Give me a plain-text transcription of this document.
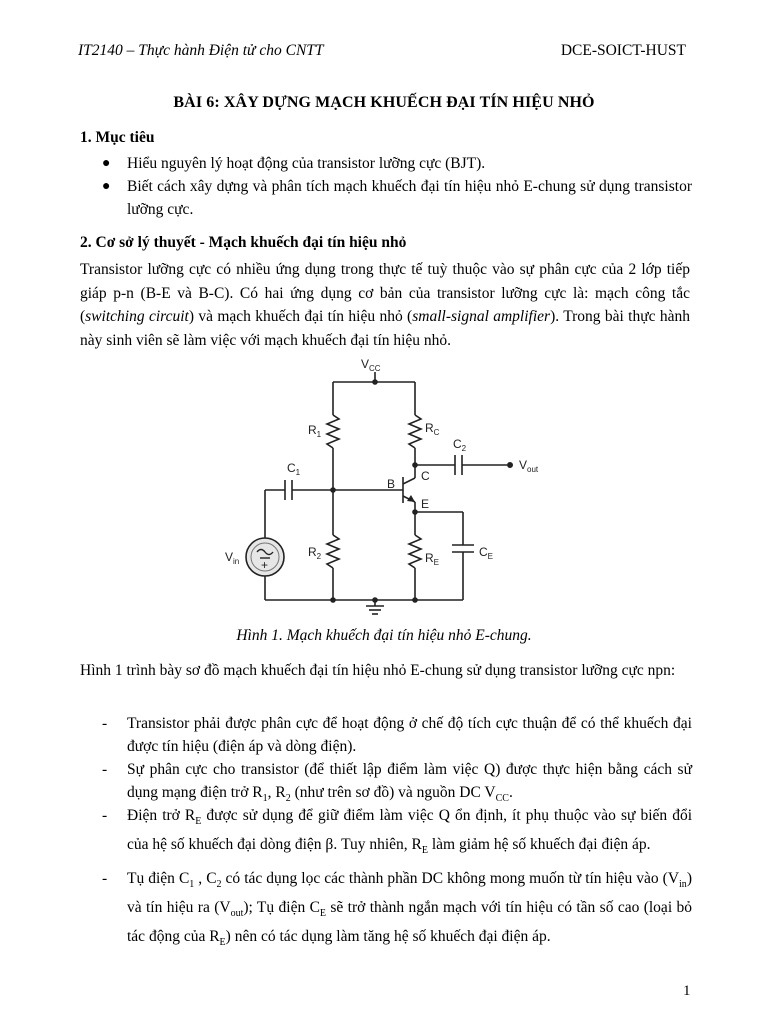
IT2140 – Thực hành Điện tử cho CNTT	DCE-SOICT-HUST
BÀI 6: XÂY DỰNG MẠCH KHUẾCH ĐẠI TÍN HIỆU NHỎ
1. Mục tiêu
● Hiểu nguyên lý hoạt động của transistor lưỡng cực (BJT).
● Biết cách xây dựng và phân tích mạch khuếch đại tín hiệu nhỏ E-chung sử dụng transistor lưỡng cực.
2. Cơ sở lý thuyết - Mạch khuếch đại tín hiệu nhỏ
Transistor lưỡng cực có nhiều ứng dụng trong thực tế tuỳ thuộc vào sự phân cực của 2 lớp tiếp giáp p-n (B-E và B-C). Có hai ứng dụng cơ bản của transistor lưỡng cực là: mạch công tắc (switching circuit) và mạch khuếch đại tín hiệu nhỏ (small-signal amplifier). Trong bài thực hành này sinh viên sẽ làm việc với mạch khuếch đại tín hiệu nhỏ.
+
$V_{CC}$
$R_1$	$R_C$
$C_1$
$C_2$
$V_{out}$
B
C
E
$V_{in}$
$R_2$	$R_E$
$C_E$
Hình 1. Mạch khuếch đại tín hiệu nhỏ E-chung.
Hình 1 trình bày sơ đồ mạch khuếch đại tín hiệu nhỏ E-chung sử dụng transistor lưỡng cực npn:
- Transistor phải được phân cực để hoạt động ở chế độ tích cực thuận để có thể khuếch đại được tín hiệu (điện áp và dòng điện).
- Sự phân cực cho transistor (để thiết lập điểm làm việc Q) được thực hiện bằng cách sử dụng mạng điện trở $R_1$, $R_2$ (như trên sơ đồ) và nguồn DC $V_{CC}$.
- Điện trở $R_E$ được sử dụng để giữ điểm làm việc Q ổn định, ít phụ thuộc vào sự biến đổi của hệ số khuếch đại dòng điện β. Tuy nhiên, $R_E$ làm giảm hệ số khuếch đại điện áp.
- Tụ điện $C_1$ , $C_2$ có tác dụng lọc các thành phần DC không mong muốn từ tín hiệu vào $(V_{in})$ và tín hiệu ra $(V_{out})$; Tụ điện $C_E$ sẽ trở thành ngắn mạch với tín hiệu có tần số cao (loại bỏ tác động của $R_E$) nên có tác dụng làm tăng hệ số khuếch đại điện áp.
1
